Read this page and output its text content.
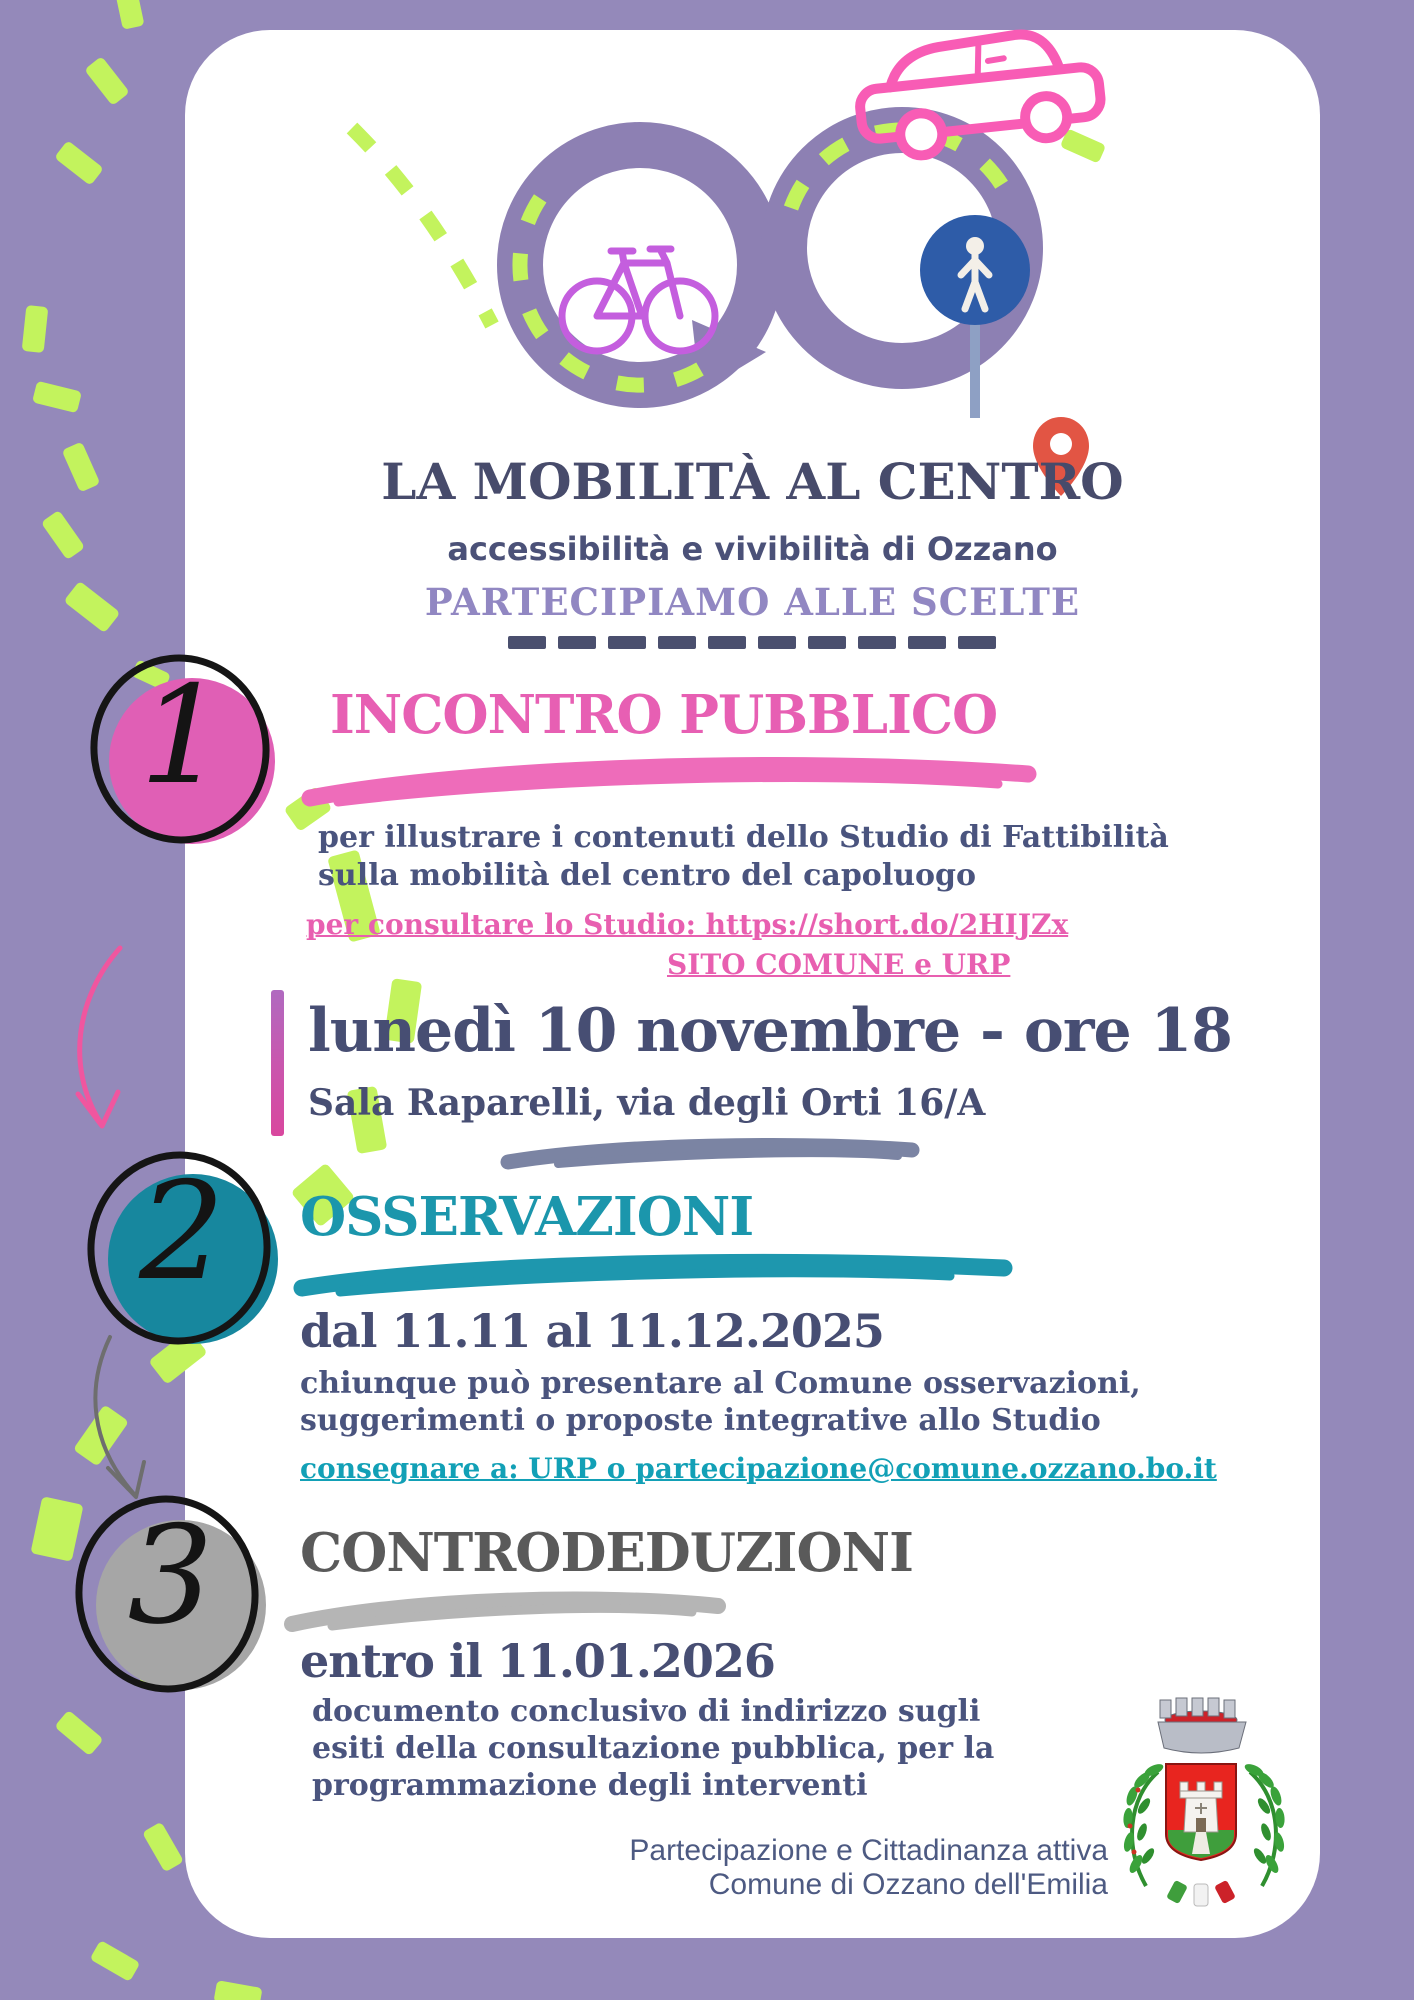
LA MOBILITÀ AL CENTRO
accessibilità e vivibilità di Ozzano
PARTECIPIAMO ALLE SCELTE
1	INCONTRO PUBBLICO
per illustrare i contenuti dello Studio di Fattibilità
sulla mobilità del centro del capoluogo
per consultare lo Studio: https://short.do/2HIJZx
SITO COMUNE e URP
lunedì 10 novembre - ore 18
Sala Raparelli, via degli Orti 16/A
2	OSSERVAZIONI
dal 11.11 al 11.12.2025
chiunque può presentare al Comune osservazioni,
suggerimenti o proposte integrative allo Studio
consegnare a: URP o partecipazione@comune.ozzano.bo.it
3	CONTRODEDUZIONI
entro il 11.01.2026
documento conclusivo di indirizzo sugli
esiti della consultazione pubblica, per la
programmazione degli interventi
Partecipazione e Cittadinanza attiva
Comune di Ozzano dell'Emilia
